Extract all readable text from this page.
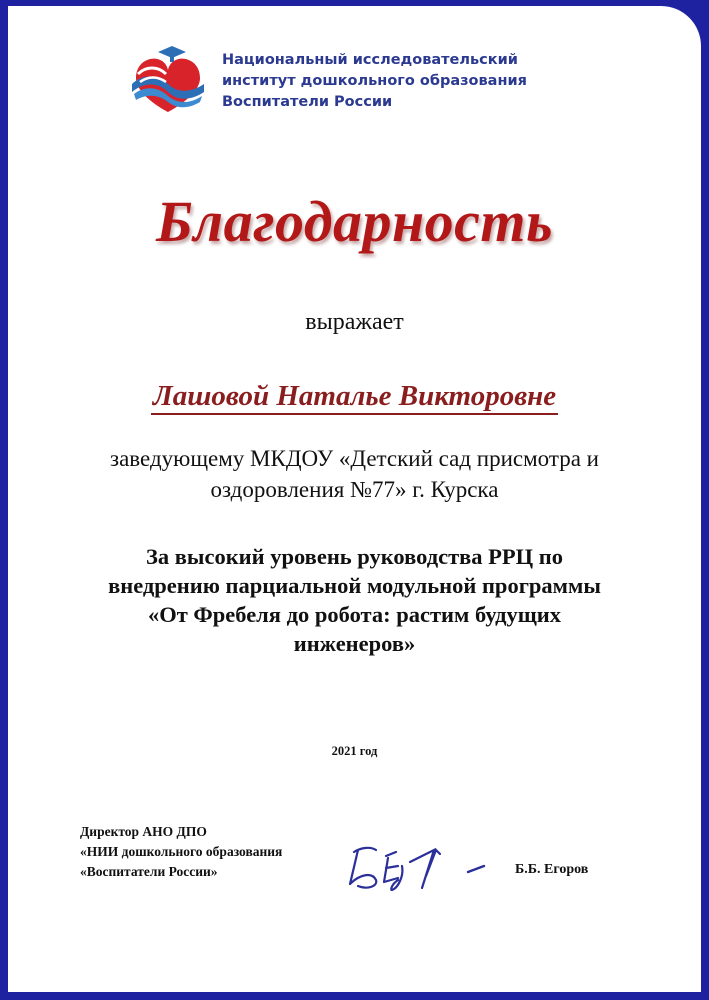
Национальный исследовательский
институт дошкольного образования
Воспитатели России
Благодарность
выражает
Лашовой Наталье Викторовне
заведующему МКДОУ «Детский сад присмотра и
оздоровления №77» г. Курска
За высокий уровень руководства РРЦ по
внедрению парциальной модульной программы
«От Фребеля до робота: растим будущих
инженеров»
2021 год
Директор АНО ДПО
«НИИ дошкольного образования
«Воспитатели России»	Б.Б. Егоров
